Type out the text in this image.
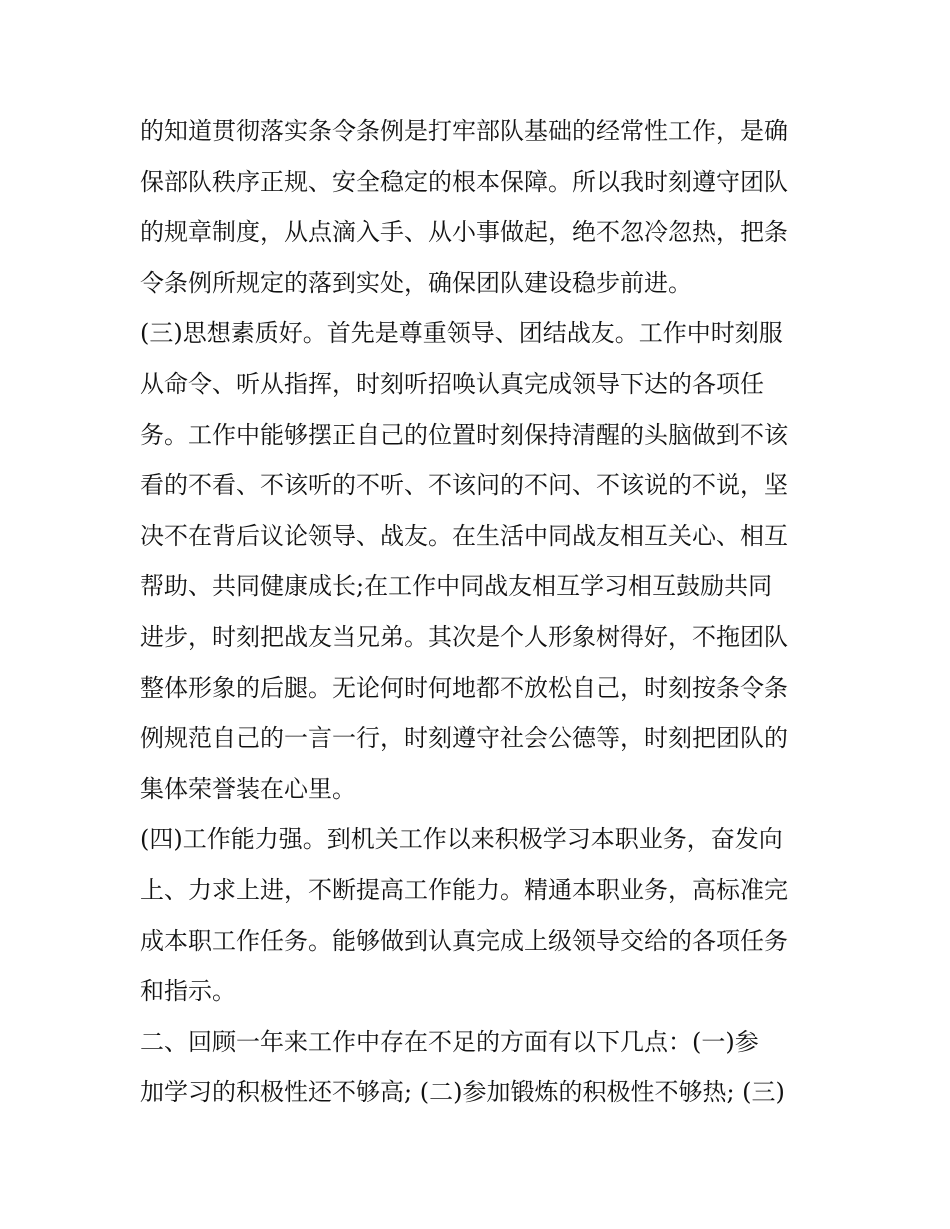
的知道贯彻落实条令条例是打牢部队基础的经常性工作，是确
保部队秩序正规、安全稳定的根本保障。所以我时刻遵守团队
的规章制度，从点滴入手、从小事做起，绝不忽冷忽热，把条
令条例所规定的落到实处，确保团队建设稳步前进。
(三)思想素质好。首先是尊重领导、团结战友。工作中时刻服
从命令、听从指挥，时刻听招唤认真完成领导下达的各项任
务。工作中能够摆正自己的位置时刻保持清醒的头脑做到不该
看的不看、不该听的不听、不该问的不问、不该说的不说，坚
决不在背后议论领导、战友。在生活中同战友相互关心、相互
帮助、共同健康成长;在工作中同战友相互学习相互鼓励共同
进步，时刻把战友当兄弟。其次是个人形象树得好，不拖团队
整体形象的后腿。无论何时何地都不放松自己，时刻按条令条
例规范自己的一言一行，时刻遵守社会公德等，时刻把团队的
集体荣誉装在心里。
(四)工作能力强。到机关工作以来积极学习本职业务，奋发向
上、力求上进，不断提高工作能力。精通本职业务，高标准完
成本职工作任务。能够做到认真完成上级领导交给的各项任务
和指示。
二、回顾一年来工作中存在不足的方面有以下几点：(一)参
加学习的积极性还不够高; (二)参加锻炼的积极性不够热; (三)
